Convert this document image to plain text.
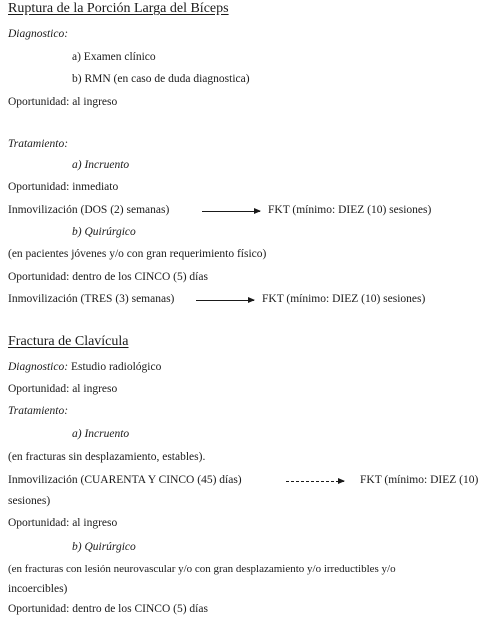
Ruptura de la Porción Larga del Bíceps
Diagnostico:
a) Examen clínico
b) RMN (en caso de duda diagnostica)
Oportunidad: al ingreso
Tratamiento:
a) Incruento
Oportunidad: inmediato
Inmovilización (DOS (2) semanas)	FKT (mínimo: DIEZ (10) sesiones)
b) Quirúrgico
(en pacientes jóvenes y/o con gran requerimiento físico)
Oportunidad: dentro de los CINCO (5) días
Inmovilización (TRES (3) semanas)	FKT (mínimo: DIEZ (10) sesiones)
Fractura de Clavícula
Diagnostico: Estudio radiológico
Oportunidad: al ingreso
Tratamiento:
a) Incruento
(en fracturas sin desplazamiento, estables).
Inmovilización (CUARENTA Y CINCO (45) días)	FKT (mínimo: DIEZ (10)
sesiones)
Oportunidad: al ingreso
b) Quirúrgico
(en fracturas con lesión neurovascular y/o con gran desplazamiento y/o irreductibles y/o
incoercibles)
Oportunidad: dentro de los CINCO (5) días
